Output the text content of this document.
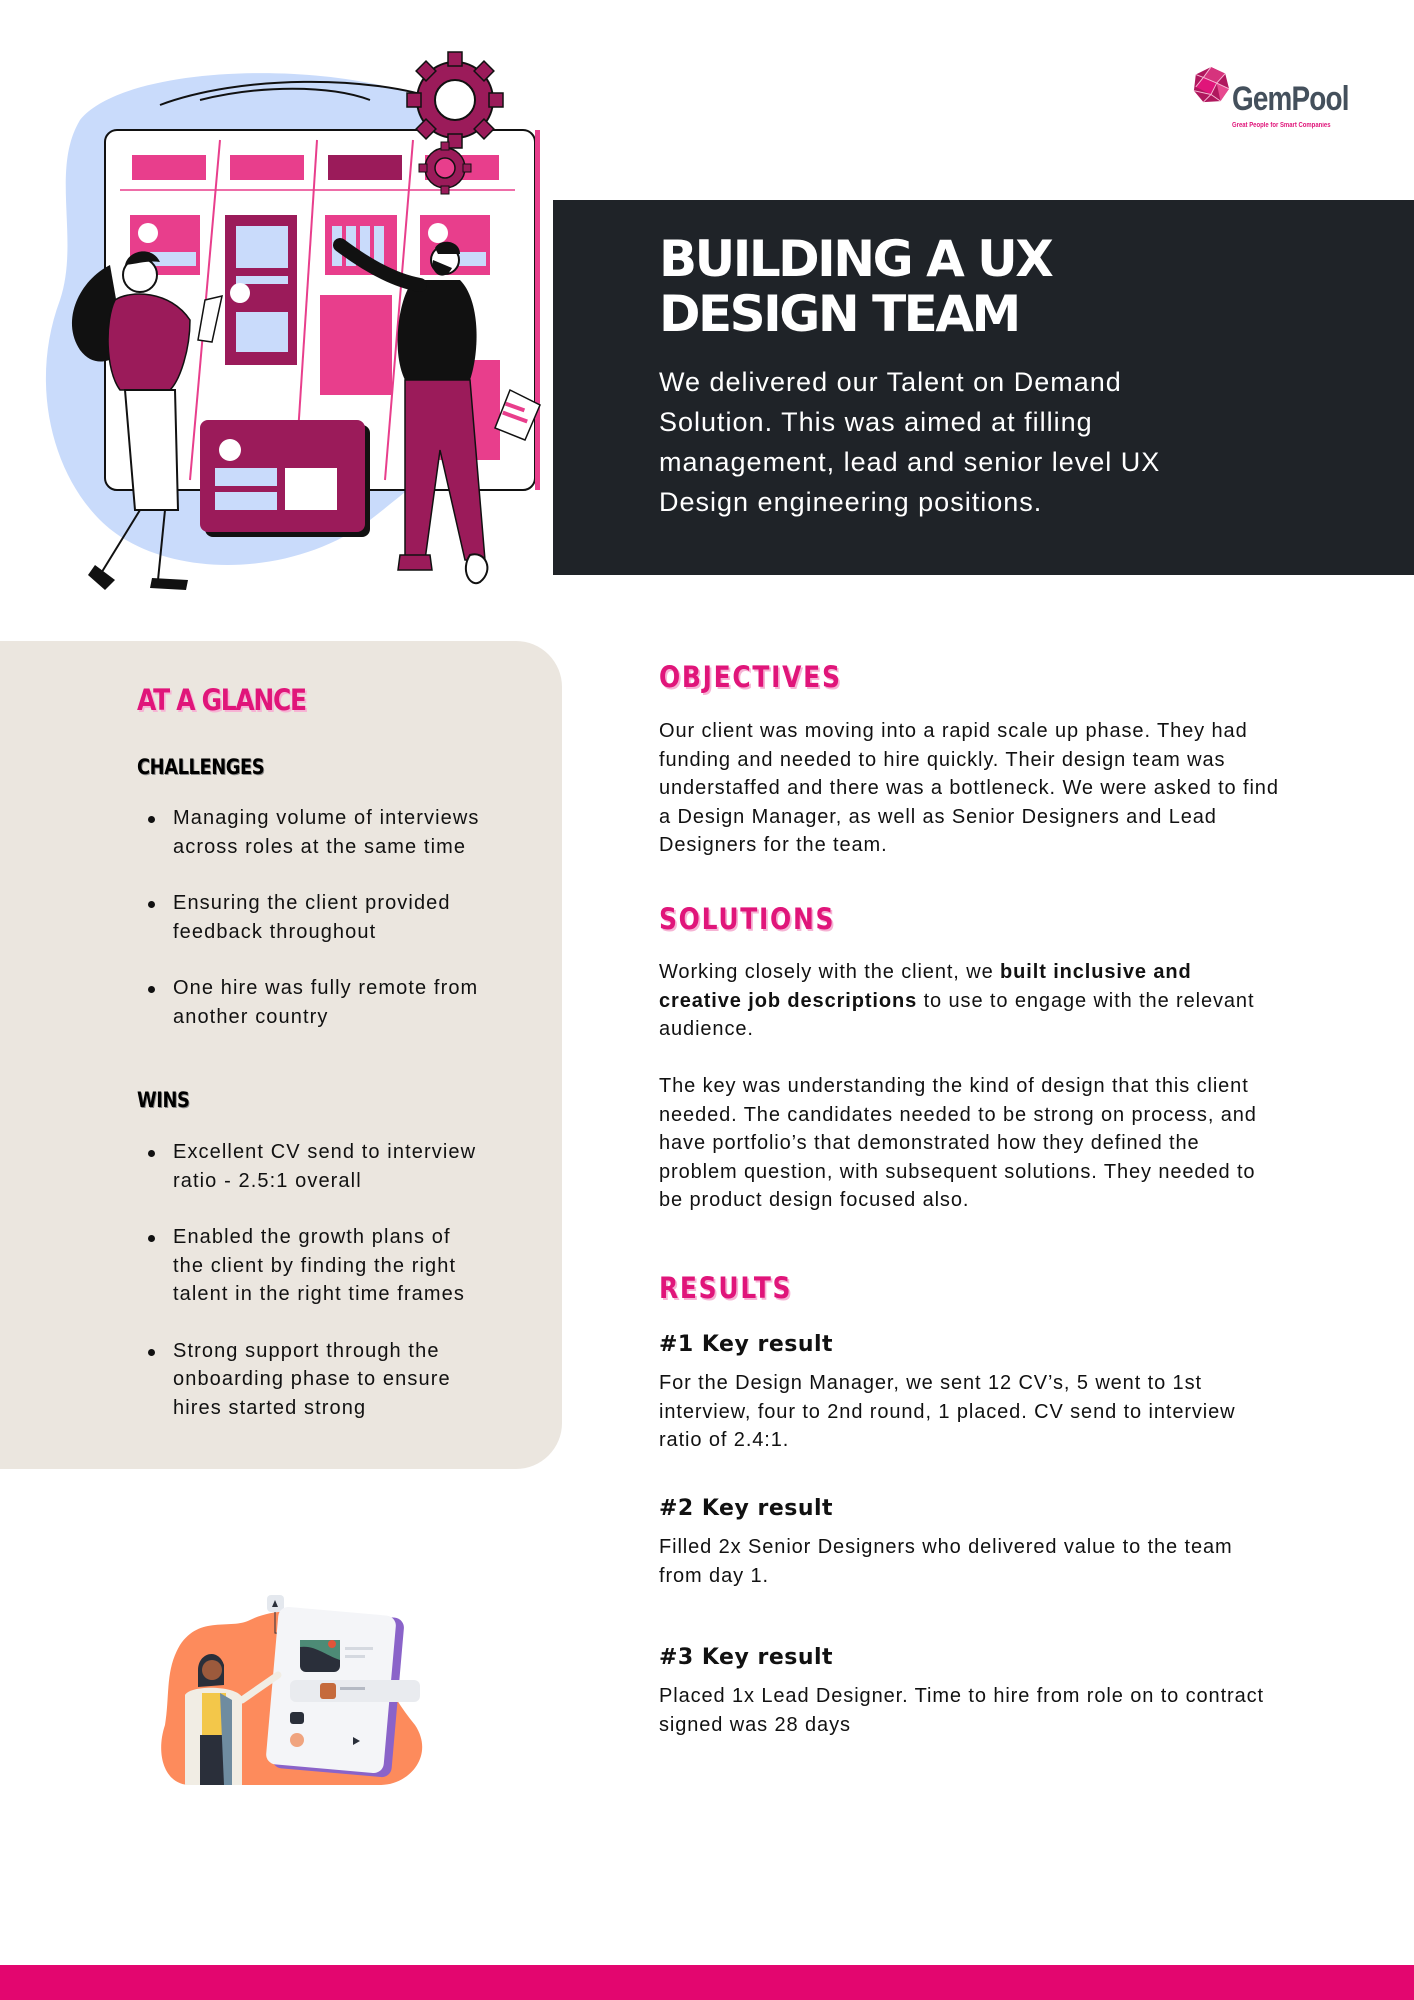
BUILDING A UX DESIGN TEAM

We delivered our Talent on Demand Solution. This was aimed at filling management, lead and senior level UX Design engineering positions.

GemPool
Great People for Smart Companies
AT A GLANCE
CHALLENGES
Managing volume of interviews across roles at the same time
Ensuring the client provided feedback throughout
One hire was fully remote from another country
WINS
Excellent CV send to interview ratio - 2.5:1 overall
Enabled the growth plans of the client by finding the right talent in the right time frames
Strong support through the onboarding phase to ensure hires started strong
OBJECTIVES

Our client was moving into a rapid scale up phase. They had funding and needed to hire quickly. Their design team was understaffed and there was a bottleneck. We were asked to find a Design Manager, as well as Senior Designers and Lead Designers for the team.

SOLUTIONS

Working closely with the client, we built inclusive and creative job descriptions to use to engage with the relevant audience.

The key was understanding the kind of design that this client needed. The candidates needed to be strong on process, and have portfolio’s that demonstrated how they defined the problem question, with subsequent solutions. They needed to be product design focused also.

RESULTS
#1 Key result

For the Design Manager, we sent 12 CV’s, 5 went to 1st interview, four to 2nd round, 1 placed. CV send to interview ratio of 2.4:1.

#2 Key result

Filled 2x Senior Designers who delivered value to the team from day 1.

#3 Key result

Placed 1x Lead Designer. Time to hire from role on to contract signed was 28 days
